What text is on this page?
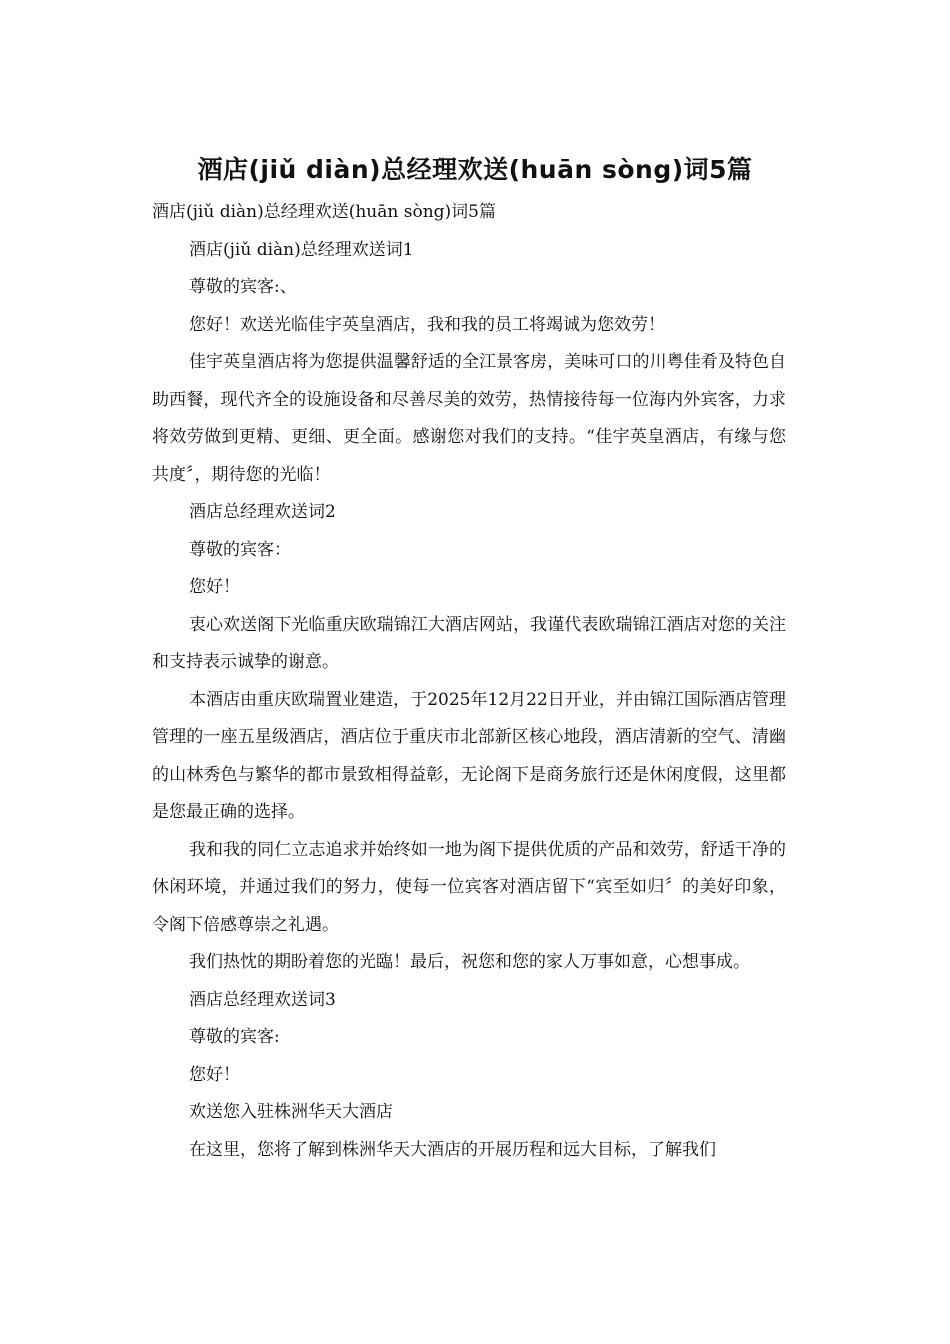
酒店(jiǔ diàn)总经理欢送(huān sòng)词5篇

酒店(jiǔ diàn)总经理欢送(huān sòng)词5篇

酒店(jiǔ diàn)总经理欢送词1

尊敬的宾客:、

您好！欢送光临佳宇英皇酒店，我和我的员工将竭诚为您效劳！

佳宇英皇酒店将为您提供温馨舒适的全江景客房，美味可口的川粤佳肴及特色自助西餐，现代齐全的设施设备和尽善尽美的效劳，热情接待每一位海内外宾客，力求将效劳做到更精、更细、更全面。感谢您对我们的支持。“佳宇英皇酒店，有缘与您共度〞，期待您的光临！

酒店总经理欢送词2

尊敬的宾客：

您好！

衷心欢送阁下光临重庆欧瑞锦江大酒店网站，我谨代表欧瑞锦江酒店对您的关注和支持表示诚挚的谢意。

本酒店由重庆欧瑞置业建造，于2025年12月22日开业，并由锦江国际酒店管理管理的一座五星级酒店，酒店位于重庆市北部新区核心地段，酒店清新的空气、清幽的山林秀色与繁华的都市景致相得益彰，无论阁下是商务旅行还是休闲度假，这里都是您最正确的选择。

我和我的同仁立志追求并始终如一地为阁下提供优质的产品和效劳，舒适干净的休闲环境，并通过我们的努力，使每一位宾客对酒店留下“宾至如归〞的美好印象，令阁下倍感尊崇之礼遇。

我们热忱的期盼着您的光臨！最后，祝您和您的家人万事如意，心想事成。

酒店总经理欢送词3

尊敬的宾客:

您好！

欢送您入驻株洲华天大酒店

在这里，您将了解到株洲华天大酒店的开展历程和远大目标，了解我们
